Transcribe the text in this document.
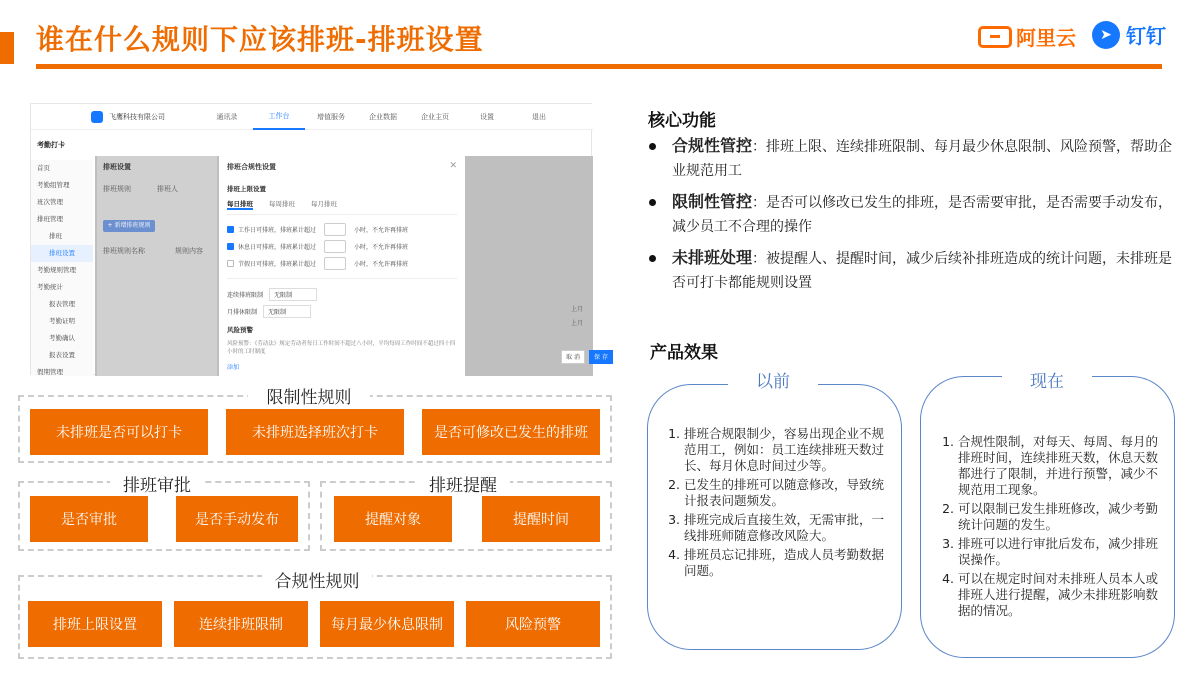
谁在什么规则下应该排班-排班设置	阿里云	➤ 钉钉
飞鹰科技有限公司	通讯录	工作台	增值服务	企业数据	企业主页	设置	退出
考勤打卡
首页
考勤组管理
班次管理
排班管理
排班
排班设置
考勤规则管理
考勤统计
报表管理
考勤证明
考勤确认
报表设置
假期管理
排班设置
排班规则	排班人
+ 新增排班规则
排班规则名称	规则内容
排班合规性设置	✕
排班上限设置
每日排班 每周排班 每月排班
工作日可排班，排班累计超过	小时，不允许再排班
休息日可排班，排班累计超过	小时，不允许再排班
节假日可排班，排班累计超过	小时，不允许再排班
连续排班限制	无限制
月排休限制	无限制
风险预警
风险预警：《劳动法》规定劳动者每日工作时间不超过八小时，平均每周工作时间不超过四十四小时的工时制度
添加
上月
上月
取 消	保 存
限制性规则
未排班是否可以打卡	未排班选择班次打卡	是否可修改已发生的排班
排班审批
是否审批	是否手动发布
排班提醒
提醒对象	提醒时间
合规性规则
排班上限设置	连续排班限制	每月最少休息限制	风险预警
核心功能
合规性管控：排班上限、连续排班限制、每月最少休息限制、风险预警，帮助企业规范用工
限制性管控：是否可以修改已发生的排班，是否需要审批，是否需要手动发布，减少员工不合理的操作
未排班处理：被提醒人、提醒时间，减少后续补排班造成的统计问题，未排班是否可打卡都能规则设置
产品效果
以前
1. 排班合规限制少，容易出现企业不规范用工，例如：员工连续排班天数过长、每月休息时间过少等。
2. 已发生的排班可以随意修改，导致统计报表问题频发。
3. 排班完成后直接生效，无需审批，一线排班师随意修改风险大。
4. 排班员忘记排班，造成人员考勤数据问题。
现在
1. 合规性限制，对每天、每周、每月的排班时间，连续排班天数，休息天数都进行了限制，并进行预警，减少不规范用工现象。
2. 可以限制已发生排班修改，减少考勤统计问题的发生。
3. 排班可以进行审批后发布，减少排班误操作。
4. 可以在规定时间对未排班人员本人或排班人进行提醒，减少未排班影响数据的情况。
